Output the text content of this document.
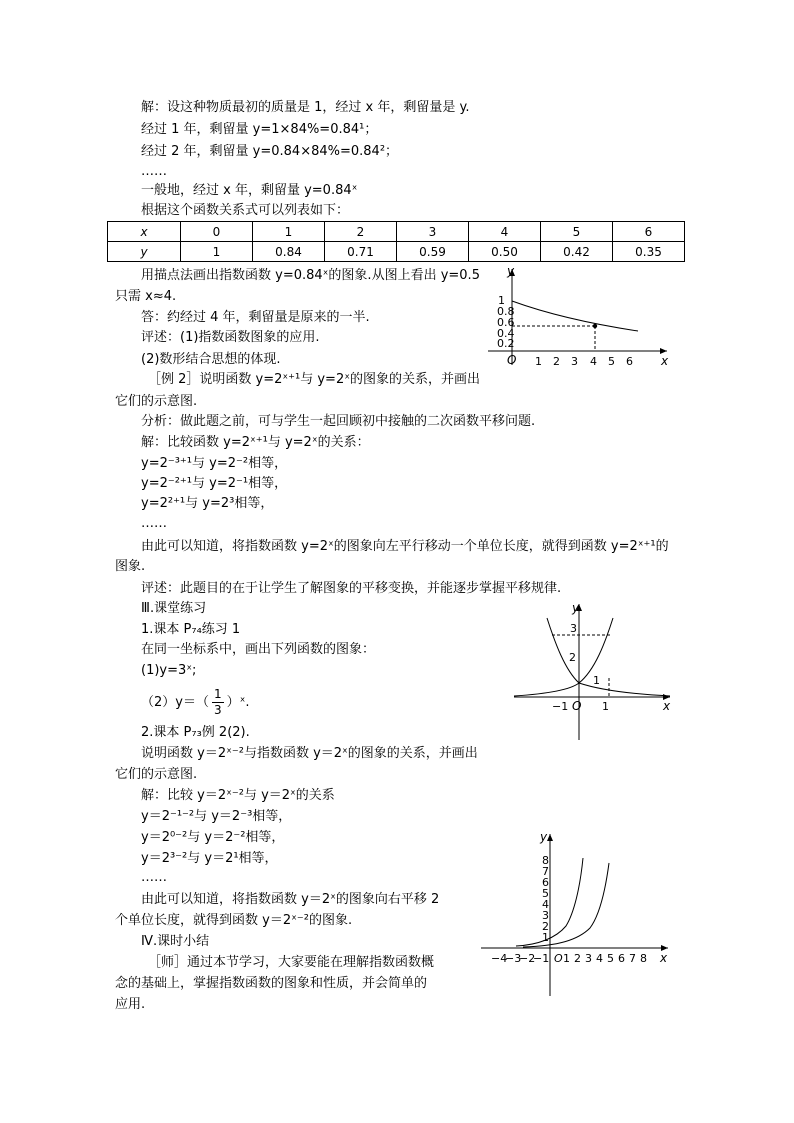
解：设这种物质最初的质量是 1，经过 x 年，剩留量是 y.
经过 1 年，剩留量 y=1×84%=0.84¹；
经过 2 年，剩留量 y=0.84×84%=0.84²；
……
一般地，经过 x 年，剩留量 y=0.84ˣ
根据这个函数关系式可以列表如下：
x	0	1	2	3	4	5	6
y	1	0.84	0.71	0.59	0.50	0.42	0.35
用描点法画出指数函数 y=0.84ˣ的图象.从图上看出 y=0.5
只需 x≈4.
答：约经过 4 年，剩留量是原来的一半.
评述：(1)指数函数图象的应用.
(2)数形结合思想的体现.
［例 2］说明函数 y=2ˣ⁺¹与 y=2ˣ的图象的关系，并画出
它们的示意图.
分析：做此题之前，可与学生一起回顾初中接触的二次函数平移问题.
解：比较函数 y=2ˣ⁺¹与 y=2ˣ的关系：
y=2⁻³⁺¹与 y=2⁻²相等，
y=2⁻²⁺¹与 y=2⁻¹相等，
y=2²⁺¹与 y=2³相等，
……
由此可以知道，将指数函数 y=2ˣ的图象向左平行移动一个单位长度，就得到函数 y=2ˣ⁺¹的
图象.
评述：此题目的在于让学生了解图象的平移变换，并能逐步掌握平移规律.
Ⅲ.课堂练习
1.课本 P₇₄练习 1
在同一坐标系中，画出下列函数的图象：
(1)y=3ˣ;
$(2)y=( \frac{1}{3}$ ）ˣ.
2.课本 P₇₃例 2(2).
说明函数 y＝2ˣ⁻²与指数函数 y＝2ˣ的图象的关系，并画出
它们的示意图.
解：比较 y＝2ˣ⁻²与 y＝2ˣ的关系
y＝2⁻¹⁻²与 y＝2⁻³相等，
y＝2⁰⁻²与 y＝2⁻²相等，
y＝2³⁻²与 y＝2¹相等，
……
由此可以知道，将指数函数 y＝2ˣ的图象向右平移 2
个单位长度，就得到函数 y＝2ˣ⁻²的图象.
Ⅳ.课时小结
［师］通过本节学习，大家要能在理解指数函数概
念的基础上，掌握指数函数的图象和性质，并会简单的
应用.
y
x
O
1
0.8
0.6
0.4
0.2
1 2 3 4 5 6
y
x
O
3
2
1
1
−1
y
x
O
8
7
6
5
4
3
2
1
−4
−3
−2
−1 1 2 3 4 5 6 7 8
